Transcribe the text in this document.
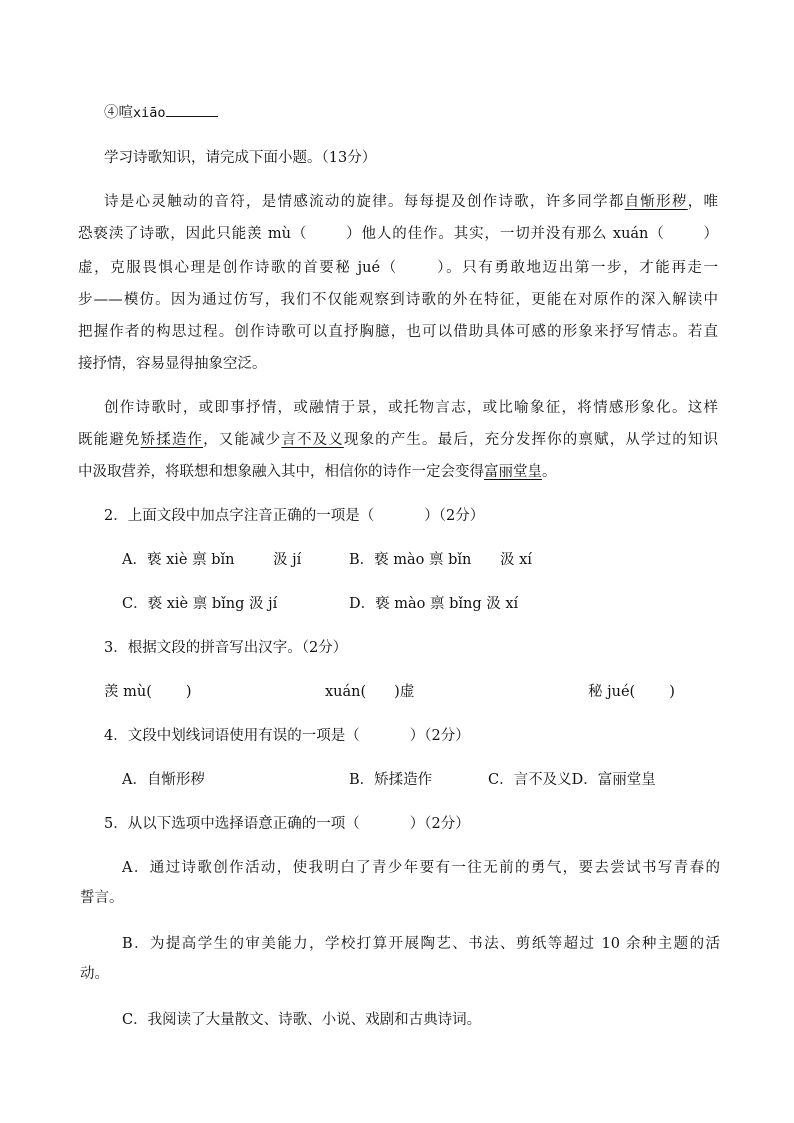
④喧xiāo
学习诗歌知识，请完成下面小题。（13分）
诗是心灵触动的音符，是情感流动的旋律。每每提及创作诗歌，许多同学都自惭形秽，唯
恐亵渎了诗歌，因此只能羡 mù（	）他人的佳作。其实，一切并没有那么 xuán（	）
虚，克服畏惧心理是创作诗歌的首要秘 jué（	）。只有勇敢地迈出第一步，才能再走一
步——模仿。因为通过仿写，我们不仅能观察到诗歌的外在特征，更能在对原作的深入解读中
把握作者的构思过程。创作诗歌可以直抒胸臆，也可以借助具体可感的形象来抒写情志。若直
接抒情，容易显得抽象空泛。
创作诗歌时，或即事抒情，或融情于景，或托物言志，或比喻象征，将情感形象化。这样
既能避免矫揉造作，又能减少言不及义现象的产生。最后，充分发挥你的禀赋，从学过的知识
中汲取营养，将联想和想象融入其中，相信你的诗作一定会变得富丽堂皇。
2．上面文段中加点字注音正确的一项是（	）（2分）
A．亵 xiè 禀 bǐn	汲 jí	B．亵 mào 禀 bǐn 汲 xí
C．亵 xiè 禀 bǐng 汲 jí	D．亵 mào 禀 bǐng 汲 xí
3．根据文段的拼音写出汉字。（2分）
羡 mù( )	xuán( )虚	秘 jué( )
4．文段中划线词语使用有误的一项是（	）（2分）
A．自惭形秽	B．矫揉造作	C．言不及义D．富丽堂皇
5．从以下选项中选择语意正确的一项（	）（2分）
A．通过诗歌创作活动，使我明白了青少年要有一往无前的勇气，要去尝试书写青春的
誓言。
B．为提高学生的审美能力，学校打算开展陶艺、书法、剪纸等超过 10 余种主题的活
动。
C．我阅读了大量散文、诗歌、小说、戏剧和古典诗词。
